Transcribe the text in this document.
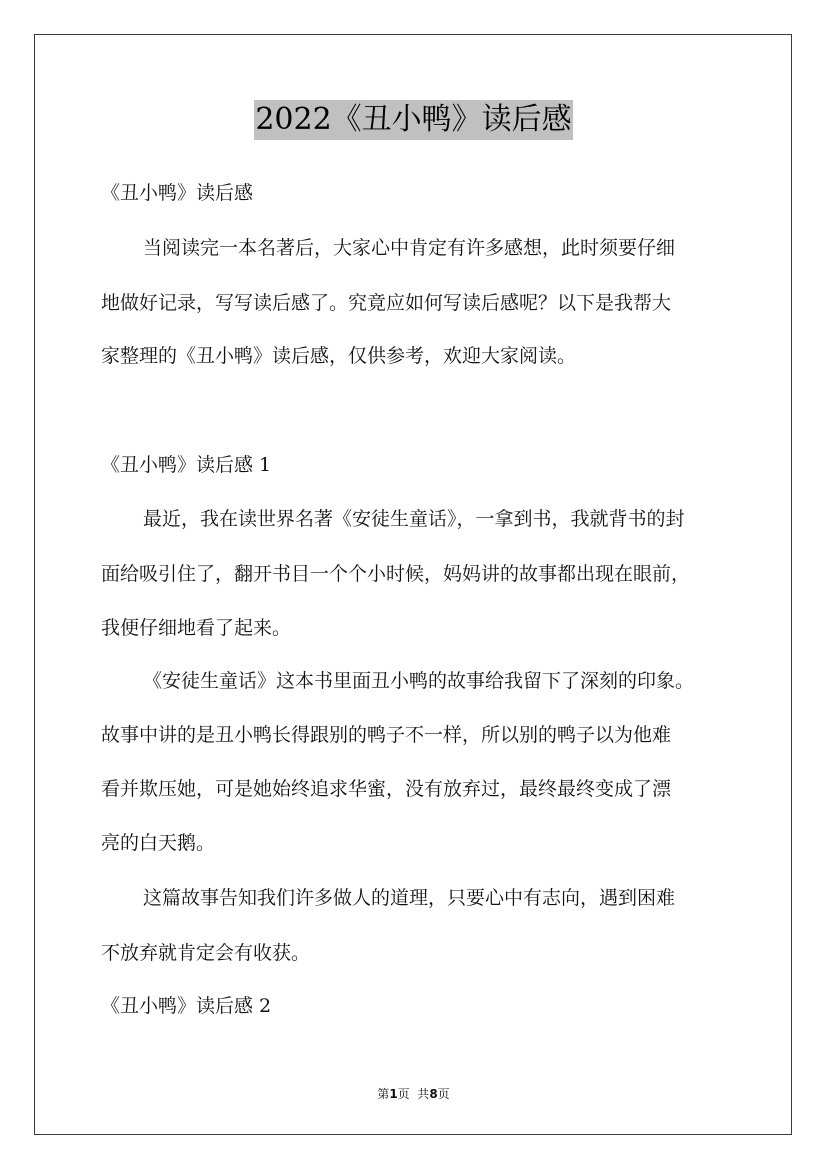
2022《丑小鸭》读后感
《丑小鸭》读后感
当阅读完一本名著后，大家心中肯定有许多感想，此时须要仔细
地做好记录，写写读后感了。究竟应如何写读后感呢？以下是我帮大
家整理的《丑小鸭》读后感，仅供参考，欢迎大家阅读。
《丑小鸭》读后感 1
最近，我在读世界名著《安徒生童话》，一拿到书，我就背书的封
面给吸引住了，翻开书目一个个小时候，妈妈讲的故事都出现在眼前，
我便仔细地看了起来。
《安徒生童话》这本书里面丑小鸭的故事给我留下了深刻的印象。
故事中讲的是丑小鸭长得跟别的鸭子不一样，所以别的鸭子以为他难
看并欺压她，可是她始终追求华蜜，没有放弃过，最终最终变成了漂
亮的白天鹅。
这篇故事告知我们许多做人的道理，只要心中有志向，遇到困难
不放弃就肯定会有收获。
《丑小鸭》读后感 2
第1页  共8页
